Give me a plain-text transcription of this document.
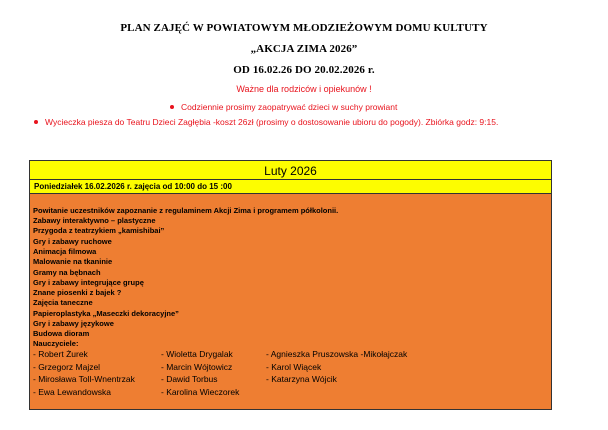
PLAN ZAJĘĆ W POWIATOWYM MŁODZIEŻOWYM DOMU KULTUTY
„AKCJA ZIMA 2026”
OD 16.02.26 DO 20.02.2026 r.
Ważne dla rodziców i opiekunów !
Codziennie prosimy zaopatrywać dzieci w suchy prowiant
Wycieczka piesza do Teatru Dzieci Zagłębia -koszt 26zł (prosimy o dostosowanie ubioru do pogody). Zbiórka godz: 9:15.
Luty 2026
Poniedziałek 16.02.2026 r. zajęcia od 10:00 do 15 :00
Powitanie uczestników zapoznanie z regulaminem Akcji Zima i programem półkolonii.
Zabawy interaktywno – plastyczne
Przygoda z teatrzykiem „kamishibai”
Gry i zabawy ruchowe
Animacja filmowa
Malowanie na tkaninie
Gramy na bębnach
Gry i zabawy integrujące grupę
Znane piosenki z bajek ?
Zajęcia taneczne
Papieroplastyka „Maseczki dekoracyjne”
Gry i zabawy językowe
Budowa dioram
Nauczyciele:
- Robert Żurek
- Grzegorz Majzel
- Mirosława Toll-Wnentrzak
- Ewa Lewandowska
- Wioletta Drygalak
- Marcin Wójtowicz
- Dawid Torbus
- Karolina Wieczorek
- Agnieszka Pruszowska -Mikołajczak
- Karol Wiącek
- Katarzyna Wójcik
